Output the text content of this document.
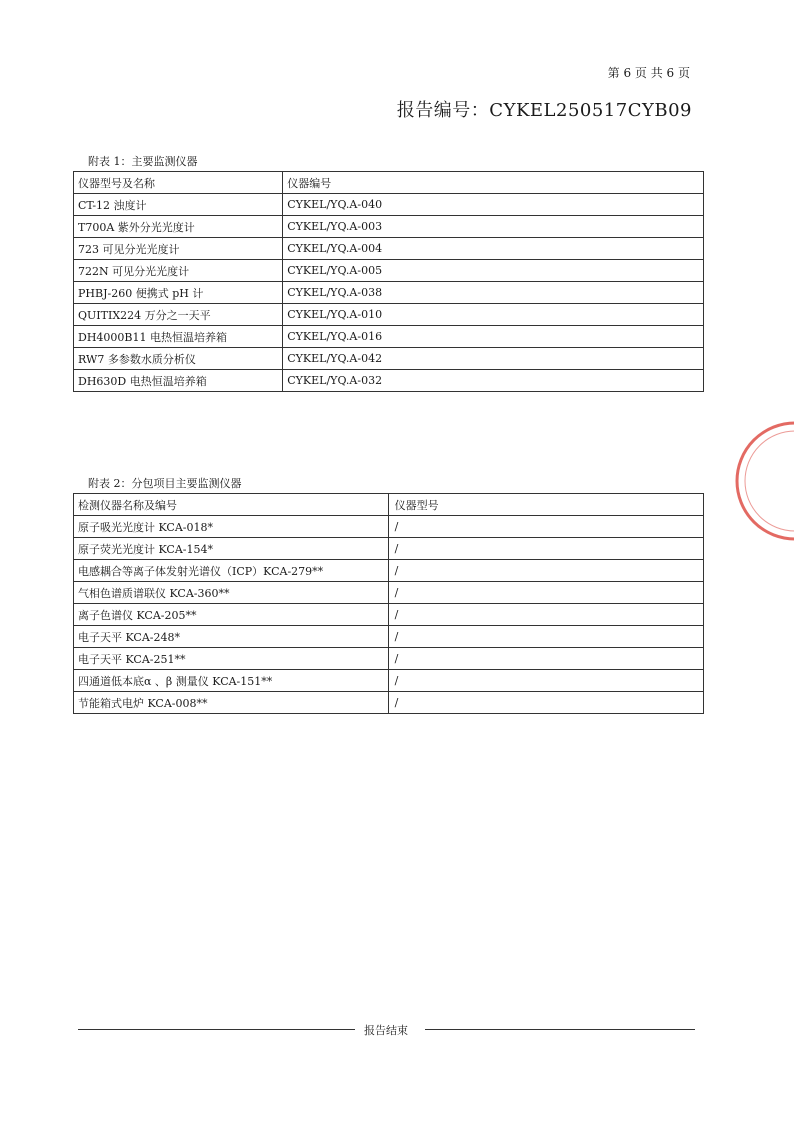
第 6 页 共 6 页
报告编号：CYKEL250517CYB09
附表 1：主要监测仪器
仪器型号及名称	仪器编号
CT-12 浊度计	CYKEL/YQ.A-040
T700A 紫外分光光度计	CYKEL/YQ.A-003
723 可见分光光度计	CYKEL/YQ.A-004
722N 可见分光光度计	CYKEL/YQ.A-005
PHBJ-260 便携式 pH 计	CYKEL/YQ.A-038
QUITIX224 万分之一天平	CYKEL/YQ.A-010
DH4000B11 电热恒温培养箱	CYKEL/YQ.A-016
RW7 多参数水质分析仪	CYKEL/YQ.A-042
DH630D 电热恒温培养箱	CYKEL/YQ.A-032
附表 2：分包项目主要监测仪器
检测仪器名称及编号	仪器型号
原子吸光光度计 KCA-018*	/
原子荧光光度计 KCA-154*	/
电感耦合等离子体发射光谱仪（ICP）KCA-279**	/
气相色谱质谱联仪 KCA-360**	/
离子色谱仪 KCA-205**	/
电子天平 KCA-248*	/
电子天平 KCA-251**	/
四通道低本底α 、β 测量仪 KCA-151**	/
节能箱式电炉 KCA-008**	/
报告结束
